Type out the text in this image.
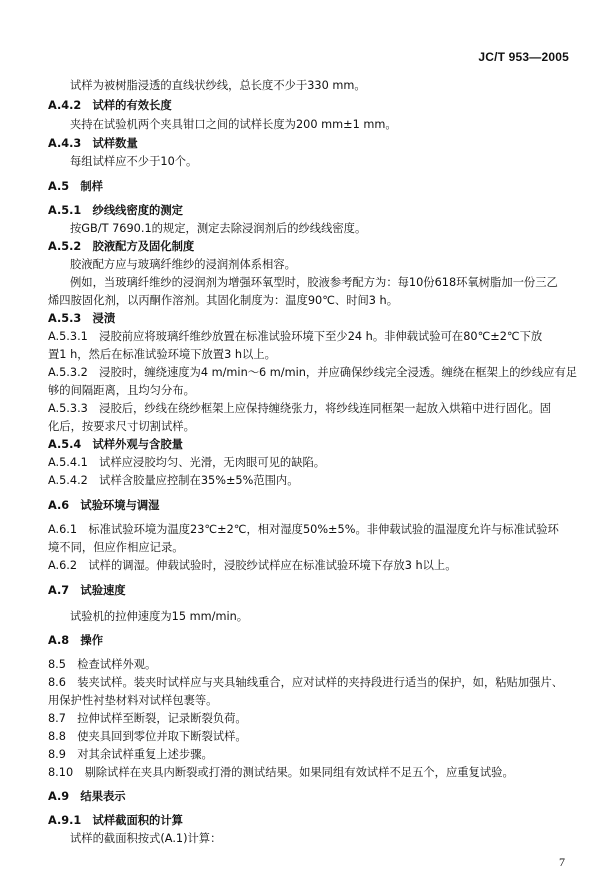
JC/T 953—2005
试样为被树脂浸透的直线状纱线，总长度不少于330 mm。
A.4.2　试样的有效长度
夹持在试验机两个夹具钳口之间的试样长度为200 mm±1 mm。
A.4.3　试样数量
每组试样应不少于10个。
A.5　制样
A.5.1　纱线线密度的测定
按GB/T 7690.1的规定，测定去除浸润剂后的纱线线密度。
A.5.2　胶液配方及固化制度
胶液配方应与玻璃纤维纱的浸润剂体系相容。
例如，当玻璃纤维纱的浸润剂为增强环氧型时，胶液参考配方为：每10份618环氧树脂加一份三乙
烯四胺固化剂，以丙酮作溶剂。其固化制度为：温度90℃、时间3 h。
A.5.3　浸渍
A.5.3.1　浸胶前应将玻璃纤维纱放置在标准试验环境下至少24 h。非伸载试验可在80℃±2℃下放
置1 h，然后在标准试验环境下放置3 h以上。
A.5.3.2　浸胶时，缠绕速度为4 m/min～6 m/min，并应确保纱线完全浸透。缠绕在框架上的纱线应有足
够的间隔距离，且均匀分布。
A.5.3.3　浸胶后，纱线在绕纱框架上应保持缠绕张力，将纱线连同框架一起放入烘箱中进行固化。固
化后，按要求尺寸切割试样。
A.5.4　试样外观与含胶量
A.5.4.1　试样应浸胶均匀、光滑，无肉眼可见的缺陷。
A.5.4.2　试样含胶量应控制在35%±5%范围内。
A.6　试验环境与调湿
A.6.1　标准试验环境为温度23℃±2℃，相对湿度50%±5%。非伸载试验的温湿度允许与标准试验环
境不同，但应作相应记录。
A.6.2　试样的调湿。伸载试验时，浸胶纱试样应在标准试验环境下存放3 h以上。
A.7　试验速度
试验机的拉伸速度为15 mm/min。
A.8　操作
8.5　检查试样外观。
8.6　装夹试样。装夹时试样应与夹具轴线重合，应对试样的夹持段进行适当的保护，如，粘贴加强片、
用保护性衬垫材料对试样包裹等。
8.7　拉伸试样至断裂，记录断裂负荷。
8.8　使夹具回到零位并取下断裂试样。
8.9　对其余试样重复上述步骤。
8.10　剔除试样在夹具内断裂或打滑的测试结果。如果同组有效试样不足五个，应重复试验。
A.9　结果表示
A.9.1　试样截面积的计算
试样的截面积按式(A.1)计算：
7
